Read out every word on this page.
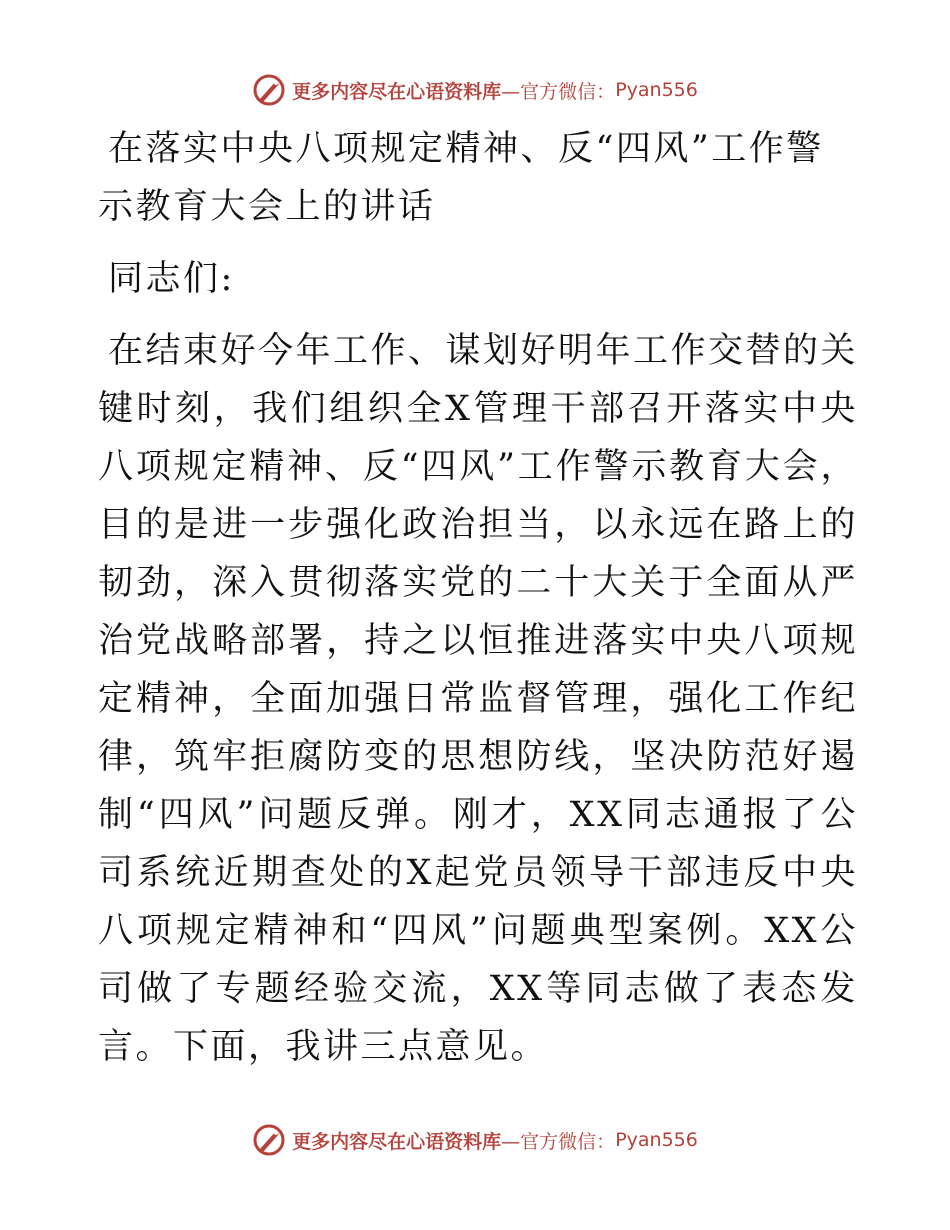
更多内容尽在心语资料库 —官方微信： Pyan556
在落实中央八项规定精神、反“四风”工作警示教育大会上的讲话

同志们:

在结束好今年工作、谋划好明年工作交替的关键时刻，我们组织全X管理干部召开落实中央八项规定精神、反“四风”工作警示教育大会，目的是进一步强化政治担当，以永远在路上的韧劲，深入贯彻落实党的二十大关于全面从严治党战略部署，持之以恒推进落实中央八项规定精神，全面加强日常监督管理，强化工作纪律，筑牢拒腐防变的思想防线，坚决防范好遏制“四风”问题反弹。刚才，XX同志通报了公司系统近期查处的X起党员领导干部违反中央八项规定精神和“四风”问题典型案例。XX公司做了专题经验交流，XX等同志做了表态发言。下面，我讲三点意见。

更多内容尽在心语资料库 —官方微信： Pyan556
